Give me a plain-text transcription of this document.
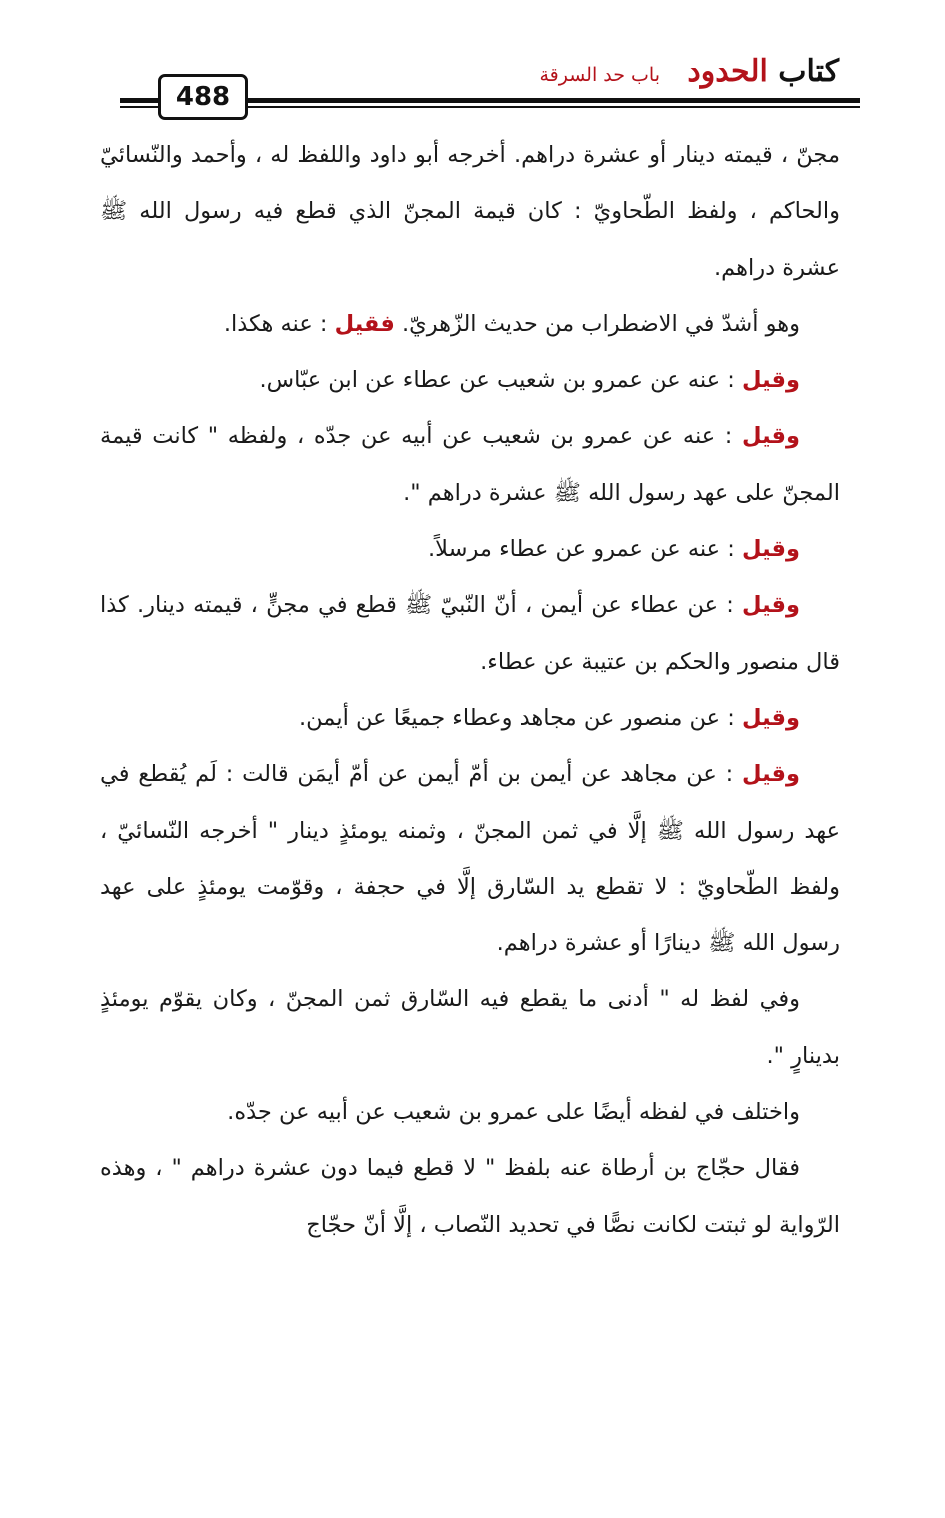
كتاب الحدود
باب حد السرقة
488

مجنّ ، قيمته دينار أو عشرة دراهم. أخرجه أبو داود واللفظ له ، وأحمد والنّسائيّ والحاكم ، ولفظ الطّحاويّ : كان قيمة المجنّ الذي قطع فيه رسول الله ﷺ عشرة دراهم.

وهو أشدّ في الاضطراب من حديث الزّهريّ. فقيل : عنه هكذا.

وقيل : عنه عن عمرو بن شعيب عن عطاء عن ابن عبّاس.

وقيل : عنه عن عمرو بن شعيب عن أبيه عن جدّه ، ولفظه " كانت قيمة المجنّ على عهد رسول الله ﷺ عشرة دراهم ".

وقيل : عنه عن عمرو عن عطاء مرسلاً.

وقيل : عن عطاء عن أيمن ، أنّ النّبيّ ﷺ قطع في مجنٍّ ، قيمته دينار. كذا قال منصور والحكم بن عتيبة عن عطاء.

وقيل : عن منصور عن مجاهد وعطاء جميعًا عن أيمن.

وقيل : عن مجاهد عن أيمن بن أمّ أيمن عن أمّ أيمَن قالت : لَم يُقطع في عهد رسول الله ﷺ إلَّا في ثمن المجنّ ، وثمنه يومئذٍ دينار " أخرجه النّسائيّ ، ولفظ الطّحاويّ : لا تقطع يد السّارق إلَّا في حجفة ، وقوّمت يومئذٍ على عهد رسول الله ﷺ دينارًا أو عشرة دراهم.

وفي لفظ له " أدنى ما يقطع فيه السّارق ثمن المجنّ ، وكان يقوّم يومئذٍ بدينارٍ ".

واختلف في لفظه أيضًا على عمرو بن شعيب عن أبيه عن جدّه.

فقال حجّاج بن أرطاة عنه بلفظ " لا قطع فيما دون عشرة دراهم " ، وهذه الرّواية لو ثبتت لكانت نصًّا في تحديد النّصاب ، إلَّا أنّ حجّاج
